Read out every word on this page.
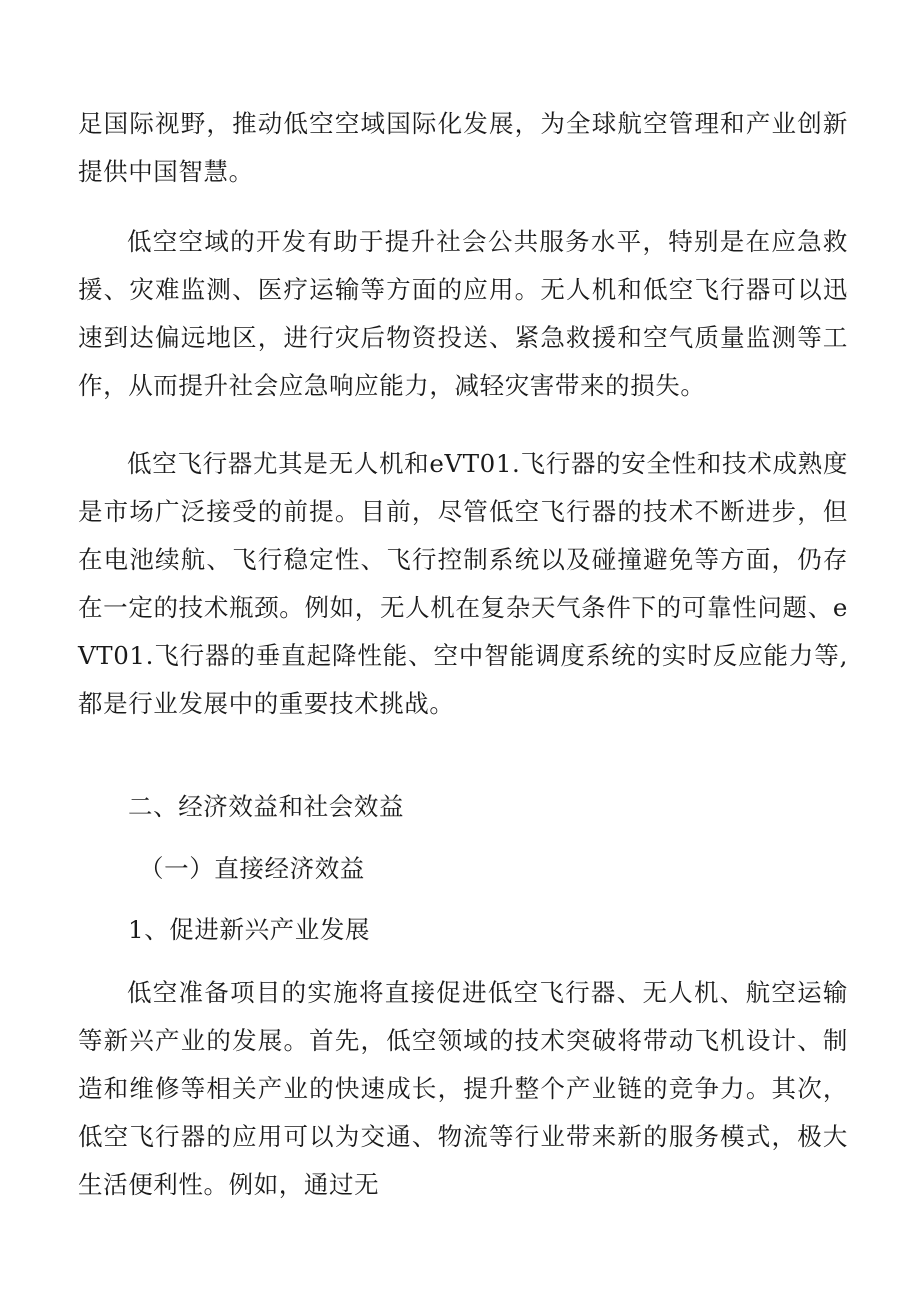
足国际视野，推动低空空域国际化发展，为全球航空管理和产业创新提供中国智慧。

低空空域的开发有助于提升社会公共服务水平，特别是在应急救援、灾难监测、医疗运输等方面的应用。无人机和低空飞行器可以迅速到达偏远地区，进行灾后物资投送、紧急救援和空气质量监测等工作，从而提升社会应急响应能力，减轻灾害带来的损失。

低空飞行器尤其是无人机和eVT01.飞行器的安全性和技术成熟度是市场广泛接受的前提。目前，尽管低空飞行器的技术不断进步，但在电池续航、飞行稳定性、飞行控制系统以及碰撞避免等方面，仍存在一定的技术瓶颈。例如，无人机在复杂天气条件下的可靠性问题、eVT01.飞行器的垂直起降性能、空中智能调度系统的实时反应能力等,都是行业发展中的重要技术挑战。

二、经济效益和社会效益

（一）直接经济效益

1、促进新兴产业发展

低空准备项目的实施将直接促进低空飞行器、无人机、航空运输等新兴产业的发展。首先，低空领域的技术突破将带动飞机设计、制造和维修等相关产业的快速成长，提升整个产业链的竞争力。其次，低空飞行器的应用可以为交通、物流等行业带来新的服务模式，极大生活便利性。例如，通过无
